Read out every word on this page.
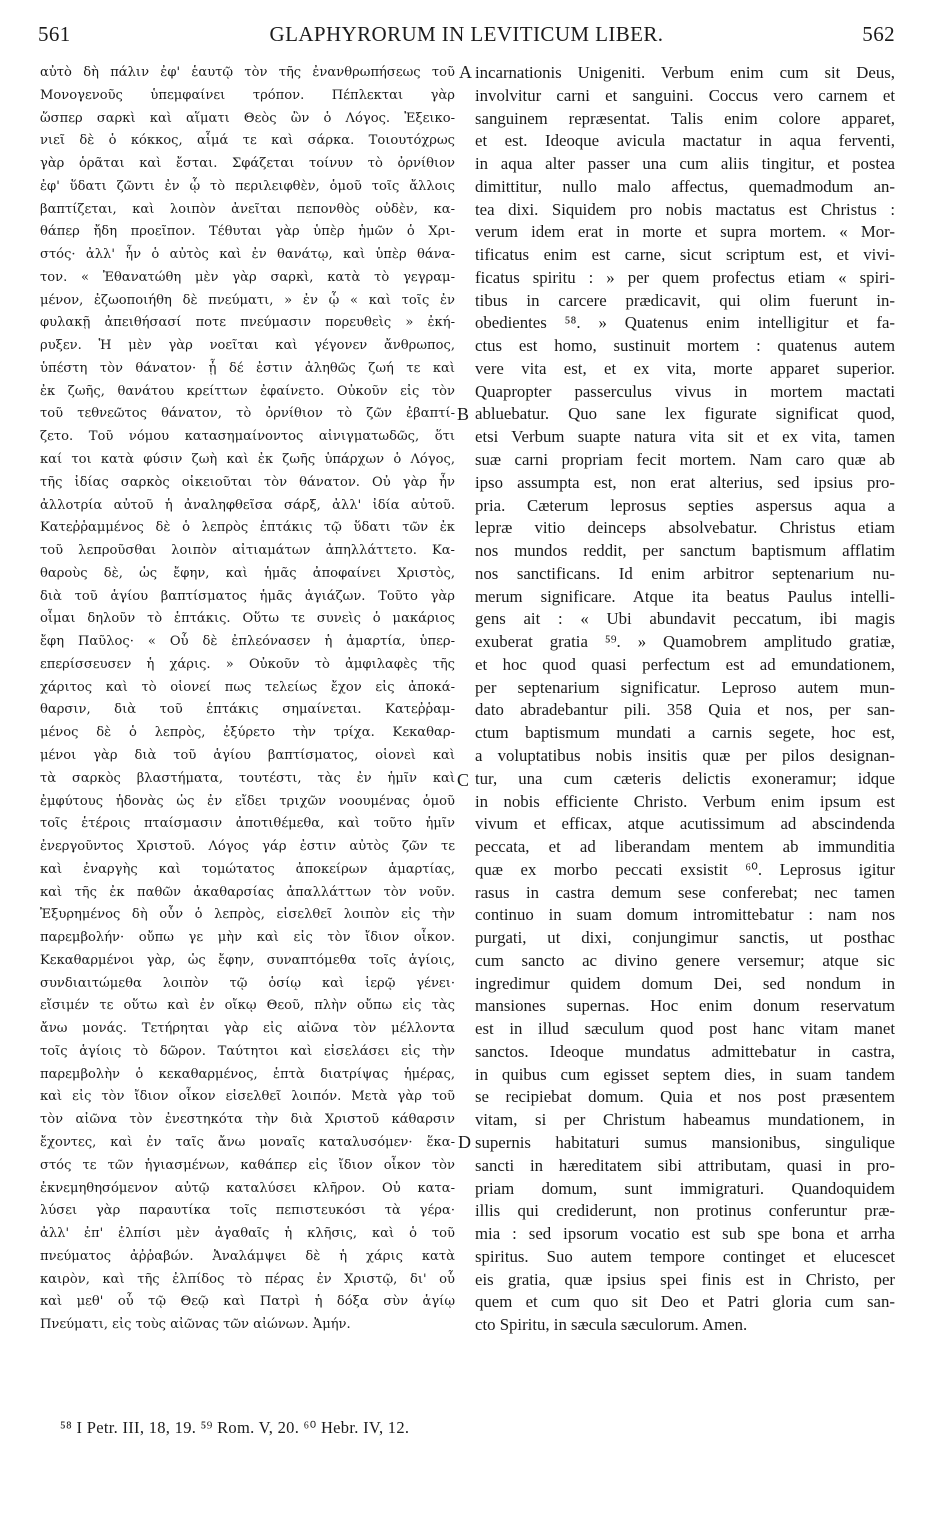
561	GLAPHYRORUM IN LEVITICUM LIBER.	562
αὐτὸ δὴ πάλιν ἐφ' ἑαυτῷ τὸν τῆς ἐνανθρωπήσεως τοῦ
Μονογενοῦς ὑπεμφαίνει τρόπον. Πέπλεκται γὰρ
ὥσπερ σαρκὶ καὶ αἵματι Θεὸς ὢν ὁ Λόγος. Ἐξεικο-
νιεῖ δὲ ὁ κόκκος, αἷμά τε καὶ σάρκα. Τοιουτόχρως
γὰρ ὁρᾶται καὶ ἔσται. Σφάζεται τοίνυν τὸ ὀρνίθιον
ἐφ' ὕδατι ζῶντι ἐν ᾧ τὸ περιλειφθὲν, ὁμοῦ τοῖς ἄλλοις
βαπτίζεται, καὶ λοιπὸν ἀνεῖται πεπονθὸς οὐδὲν, κα-
θάπερ ἤδη προεῖπον. Τέθυται γὰρ ὑπὲρ ἡμῶν ὁ Χρι-
στός· ἀλλ' ἦν ὁ αὐτὸς καὶ ἐν θανάτῳ, καὶ ὑπὲρ θάνα-
τον. « Ἐθανατώθη μὲν γὰρ σαρκὶ, κατὰ τὸ γεγραμ-
μένον, ἐζωοποιήθη δὲ πνεύματι, » ἐν ᾧ « καὶ τοῖς ἐν
φυλακῇ ἀπειθήσασί ποτε πνεύμασιν πορευθεὶς » ἐκή-
ρυξεν. Ἡ μὲν γὰρ νοεῖται καὶ γέγονεν ἄνθρωπος,
ὑπέστη τὸν θάνατον· ᾗ δέ ἐστιν ἀληθῶς ζωή τε καὶ
ἐκ ζωῆς, θανάτου κρείττων ἐφαίνετο. Οὐκοῦν εἰς τὸν
τοῦ τεθνεῶτος θάνατον, τὸ ὀρνίθιον τὸ ζῶν ἐβαπτί-
ζετο. Τοῦ νόμου κατασημαίνοντος αἰνιγματωδῶς, ὅτι
καί τοι κατὰ φύσιν ζωὴ καὶ ἐκ ζωῆς ὑπάρχων ὁ Λόγος,
τῆς ἰδίας σαρκὸς οἰκειοῦται τὸν θάνατον. Οὐ γὰρ ἦν
ἀλλοτρία αὐτοῦ ἡ ἀναληφθεῖσα σάρξ, ἀλλ' ἰδία αὐτοῦ.
Κατεῤῥαμμένος δὲ ὁ λεπρὸς ἑπτάκις τῷ ὕδατι τῶν ἐκ
τοῦ λεπροῦσθαι λοιπὸν αἰτιαμάτων ἀπηλλάττετο. Κα-
θαροὺς δὲ, ὡς ἔφην, καὶ ἡμᾶς ἀποφαίνει Χριστὸς,
διὰ τοῦ ἁγίου βαπτίσματος ἡμᾶς ἁγιάζων. Τοῦτο γὰρ
οἶμαι δηλοῦν τὸ ἑπτάκις. Οὕτω τε συνεὶς ὁ μακάριος
ἔφη Παῦλος· « Οὗ δὲ ἐπλεόνασεν ἡ ἁμαρτία, ὑπερ-
επερίσσευσεν ἡ χάρις. » Οὐκοῦν τὸ ἀμφιλαφὲς τῆς
χάριτος καὶ τὸ οἱονεί πως τελείως ἔχον εἰς ἀποκά-
θαρσιν, διὰ τοῦ ἑπτάκις σημαίνεται. Κατεῤῥαμ-
μένος δὲ ὁ λεπρὸς, ἐξύρετο τὴν τρίχα. Κεκαθαρ-
μένοι γὰρ διὰ τοῦ ἁγίου βαπτίσματος, οἱονεὶ καὶ
τὰ σαρκὸς βλαστήματα, τουτέστι, τὰς ἐν ἡμῖν καὶ
ἐμφύτους ἡδονὰς ὡς ἐν εἴδει τριχῶν νοουμένας ὁμοῦ
τοῖς ἑτέροις πταίσμασιν ἀποτιθέμεθα, καὶ τοῦτο ἡμῖν
ἐνεργοῦντος Χριστοῦ. Λόγος γάρ ἐστιν αὐτὸς ζῶν τε
καὶ ἐναργὴς καὶ τομώτατος ἀποκείρων ἁμαρτίας,
καὶ τῆς ἐκ παθῶν ἀκαθαρσίας ἀπαλλάττων τὸν νοῦν.
Ἐξυρημένος δὴ οὖν ὁ λεπρὸς, εἰσελθεῖ λοιπὸν εἰς τὴν
παρεμβολήν· οὔπω γε μὴν καὶ εἰς τὸν ἴδιον οἶκον.
Κεκαθαρμένοι γὰρ, ὡς ἔφην, συναπτόμεθα τοῖς ἁγίοις,
συνδιαιτώμεθα λοιπὸν τῷ ὁσίῳ καὶ ἱερῷ γένει·
εἴσιμέν τε οὕτω καὶ ἐν οἴκῳ Θεοῦ, πλὴν οὔπω εἰς τὰς
ἄνω μονάς. Τετήρηται γὰρ εἰς αἰῶνα τὸν μέλλοντα
τοῖς ἁγίοις τὸ δῶρον. Ταύτητοι καὶ εἰσελάσει εἰς τὴν
παρεμβολὴν ὁ κεκαθαρμένος, ἑπτὰ διατρίψας ἡμέρας,
καὶ εἰς τὸν ἴδιον οἶκον εἰσελθεῖ λοιπόν. Μετὰ γὰρ τοῦ
τὸν αἰῶνα τὸν ἐνεστηκότα τὴν διὰ Χριστοῦ κάθαρσιν
ἔχοντες, καὶ ἐν ταῖς ἄνω μοναῖς καταλυσόμεν· ἕκα-
στός τε τῶν ἡγιασμένων, καθάπερ εἰς ἴδιον οἶκον τὸν
ἐκνεμηθησόμενον αὐτῷ καταλύσει κλῆρον. Οὐ κατα-
λύσει γὰρ παραυτίκα τοῖς πεπιστευκόσι τὰ γέρα·
ἀλλ' ἐπ' ἐλπίσι μὲν ἀγαθαῖς ἡ κλῆσις, καὶ ὁ τοῦ
πνεύματος ἀῤῥαβών. Ἀναλάμψει δὲ ἡ χάρις κατὰ
καιρὸν, καὶ τῆς ἐλπίδος τὸ πέρας ἐν Χριστῷ, δι' οὗ
καὶ μεθ' οὗ τῷ Θεῷ καὶ Πατρὶ ἡ δόξα σὺν ἁγίῳ
Πνεύματι, εἰς τοὺς αἰῶνας τῶν αἰώνων. Ἀμήν.
A
B
C
D
incarnationis Unigeniti. Verbum enim cum sit Deus,
involvitur carni et sanguini. Coccus vero carnem et
sanguinem repræsentat. Talis enim colore apparet,
et est. Ideoque avicula mactatur in aqua ferventi,
in aqua alter passer una cum aliis tingitur, et postea
dimittitur, nullo malo affectus, quemadmodum an-
tea dixi. Siquidem pro nobis mactatus est Christus :
verum idem erat in morte et supra mortem. « Mor-
tificatus enim est carne, sicut scriptum est, et vivi-
ficatus spiritu : » per quem profectus etiam « spiri-
tibus in carcere prædicavit, qui olim fuerunt in-
obedientes ⁵⁸. » Quatenus enim intelligitur et fa-
ctus est homo, sustinuit mortem : quatenus autem
vere vita est, et ex vita, morte apparet superior.
Quapropter passerculus vivus in mortem mactati
abluebatur. Quo sane lex figurate significat quod,
etsi Verbum suapte natura vita sit et ex vita, tamen
suæ carni propriam fecit mortem. Nam caro quæ ab
ipso assumpta est, non erat alterius, sed ipsius pro-
pria. Cæterum leprosus septies aspersus aqua a
lepræ vitio deinceps absolvebatur. Christus etiam
nos mundos reddit, per sanctum baptismum afflatim
nos sanctificans. Id enim arbitror septenarium nu-
merum significare. Atque ita beatus Paulus intelli-
gens ait : « Ubi abundavit peccatum, ibi magis
exuberat gratia ⁵⁹. » Quamobrem amplitudo gratiæ,
et hoc quod quasi perfectum est ad emundationem,
per septenarium significatur. Leproso autem mun-
dato abradebantur pili. 358 Quia et nos, per san-
ctum baptismum mundati a carnis segete, hoc est,
a voluptatibus nobis insitis quæ per pilos designan-
tur, una cum cæteris delictis exoneramur; idque
in nobis efficiente Christo. Verbum enim ipsum est
vivum et efficax, atque acutissimum ad abscindenda
peccata, et ad liberandam mentem ab immunditia
quæ ex morbo peccati exsistit ⁶⁰. Leprosus igitur
rasus in castra demum sese conferebat; nec tamen
continuo in suam domum intromittebatur : nam nos
purgati, ut dixi, conjungimur sanctis, ut posthac
cum sancto ac divino genere versemur; atque sic
ingredimur quidem domum Dei, sed nondum in
mansiones supernas. Hoc enim donum reservatum
est in illud sæculum quod post hanc vitam manet
sanctos. Ideoque mundatus admittebatur in castra,
in quibus cum egisset septem dies, in suam tandem
se recipiebat domum. Quia et nos post præsentem
vitam, si per Christum habeamus mundationem, in
supernis habitaturi sumus mansionibus, singulique
sancti in hæreditatem sibi attributam, quasi in pro-
priam domum, sunt immigraturi. Quandoquidem
illis qui crediderunt, non protinus conferuntur præ-
mia : sed ipsorum vocatio est sub spe bona et arrha
spiritus. Suo autem tempore continget et elucescet
eis gratia, quæ ipsius spei finis est in Christo, per
quem et cum quo sit Deo et Patri gloria cum san-
cto Spiritu, in sæcula sæculorum. Amen.
⁵⁸ I Petr. III, 18, 19. ⁵⁹ Rom. V, 20. ⁶⁰ Hebr. IV, 12.
